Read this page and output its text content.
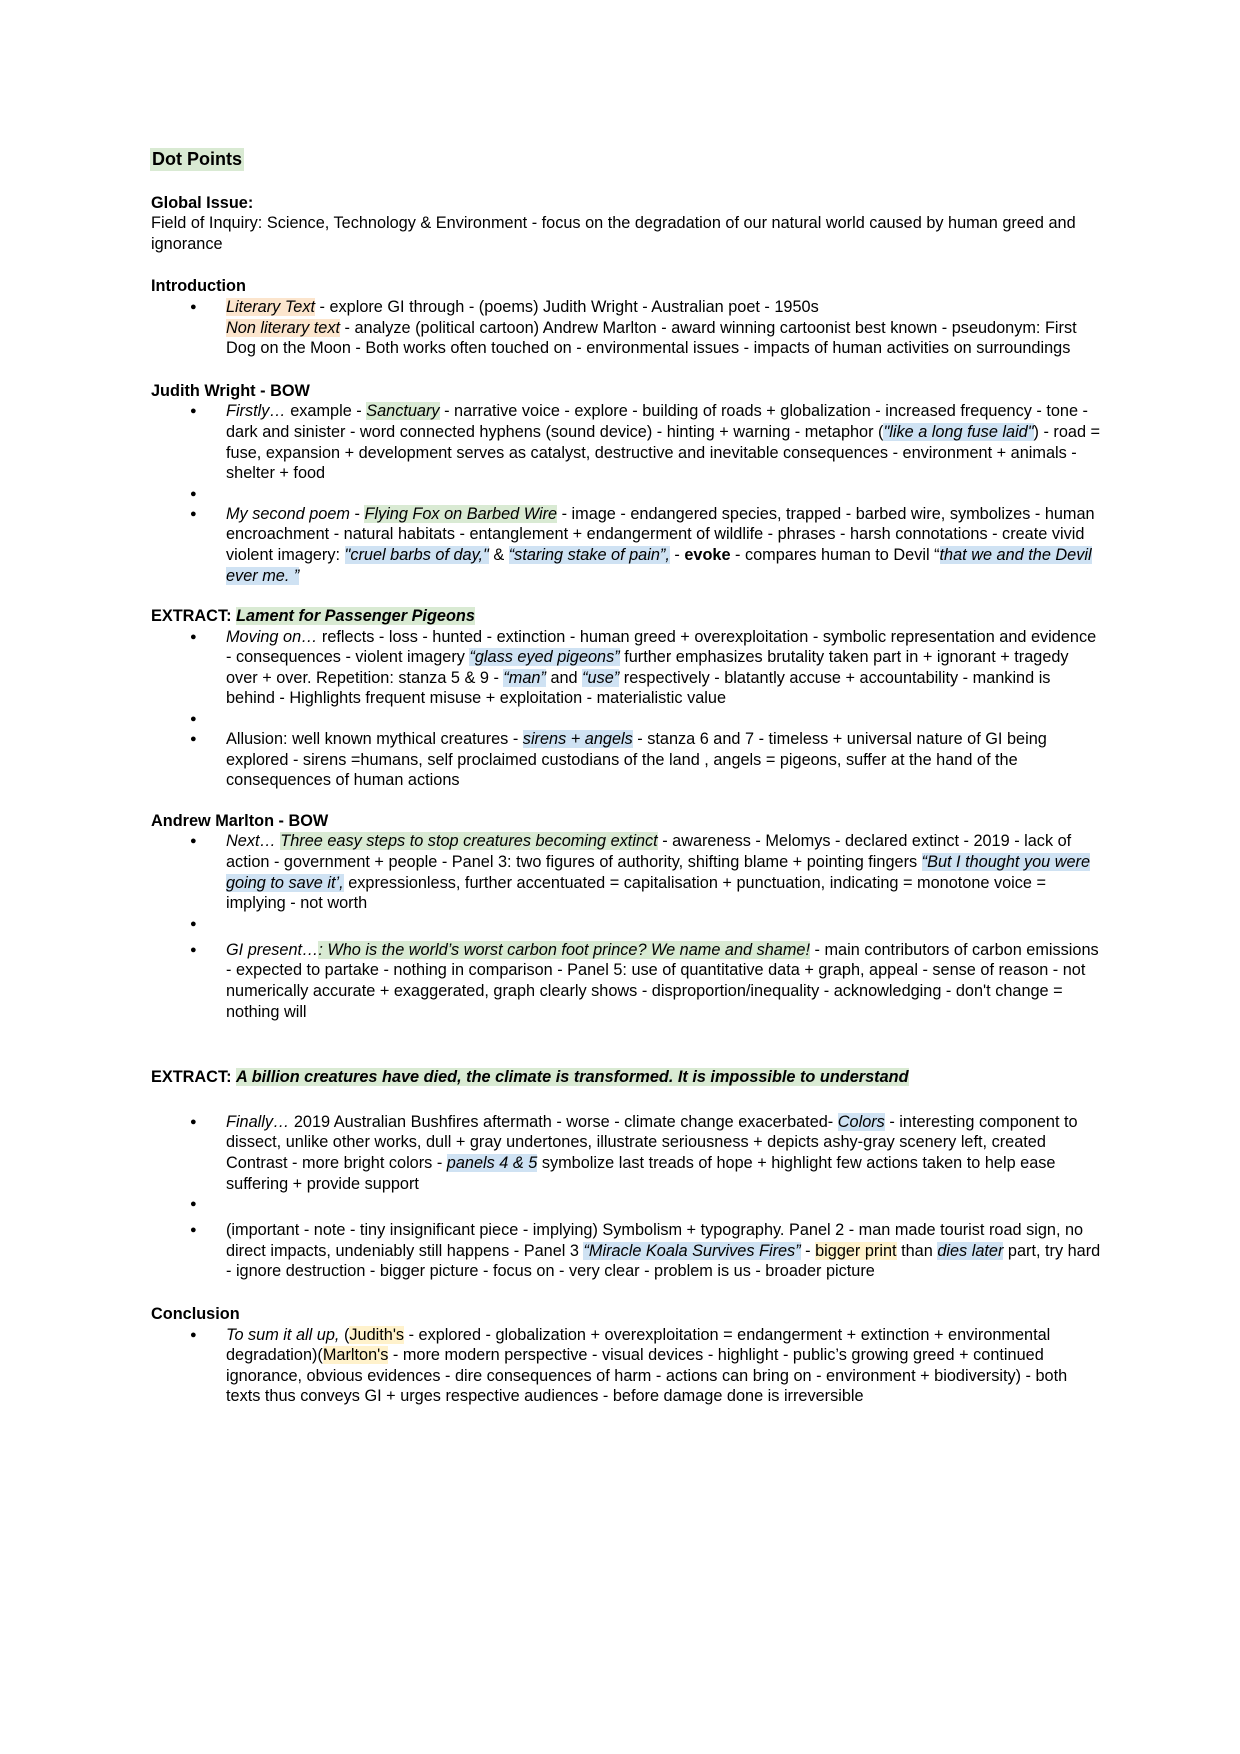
Dot Points
Global Issue:
Field of Inquiry: Science, Technology & Environment - focus on the degradation of our natural world caused by human greed and ignorance
Introduction
● Literary Text - explore GI through - (poems) Judith Wright - Australian poet - 1950s
Non literary text - analyze (political cartoon) Andrew Marlton - award winning cartoonist best known - pseudonym: First Dog on the Moon - Both works often touched on - environmental issues - impacts of human activities on surroundings
Judith Wright - BOW
● Firstly… example - Sanctuary - narrative voice - explore - building of roads + globalization - increased frequency - tone - dark and sinister - word connected hyphens (sound device) - hinting + warning - metaphor ("like a long fuse laid") - road = fuse, expansion + development serves as catalyst, destructive and inevitable consequences - environment + animals - shelter + food
●
● My second poem - Flying Fox on Barbed Wire - image - endangered species, trapped - barbed wire, symbolizes - human encroachment - natural habitats - entanglement + endangerment of wildlife - phrases - harsh connotations - create vivid violent imagery: "cruel barbs of day," & “staring stake of pain”, - evoke - compares human to Devil “that we and the Devil ever me. ”
EXTRACT: Lament for Passenger Pigeons
● Moving on… reflects - loss - hunted - extinction - human greed + overexploitation - symbolic representation and evidence - consequences - violent imagery “glass eyed pigeons” further emphasizes brutality taken part in + ignorant + tragedy over + over. Repetition: stanza 5 & 9 - “man” and “use” respectively - blatantly accuse + accountability - mankind is behind - Highlights frequent misuse + exploitation - materialistic value
●
● Allusion: well known mythical creatures - sirens + angels - stanza 6 and 7 - timeless + universal nature of GI being explored - sirens =humans, self proclaimed custodians of the land , angels = pigeons, suffer at the hand of the consequences of human actions
Andrew Marlton - BOW
● Next… Three easy steps to stop creatures becoming extinct - awareness - Melomys - declared extinct - 2019 - lack of action - government + people - Panel 3: two figures of authority, shifting blame + pointing fingers “But I thought you were going to save it’, expressionless, further accentuated = capitalisation + punctuation, indicating = monotone voice = implying - not worth
●
● GI present…: Who is the world’s worst carbon foot prince? We name and shame! - main contributors of carbon emissions - expected to partake - nothing in comparison - Panel 5: use of quantitative data + graph, appeal - sense of reason - not numerically accurate + exaggerated, graph clearly shows - disproportion/inequality - acknowledging - don't change = nothing will
EXTRACT: A billion creatures have died, the climate is transformed. It is impossible to understand
● Finally… 2019 Australian Bushfires aftermath - worse - climate change exacerbated- Colors - interesting component to dissect, unlike other works, dull + gray undertones, illustrate seriousness + depicts ashy-gray scenery left, created Contrast - more bright colors - panels 4 & 5 symbolize last treads of hope + highlight few actions taken to help ease suffering + provide support
●
● (important - note - tiny insignificant piece - implying) Symbolism + typography. Panel 2 - man made tourist road sign, no direct impacts, undeniably still happens - Panel 3 “Miracle Koala Survives Fires” - bigger print than dies later part, try hard - ignore destruction - bigger picture - focus on - very clear - problem is us - broader picture
Conclusion
● To sum it all up, (Judith's - explored - globalization + overexploitation = endangerment + extinction + environmental degradation)(Marlton's - more modern perspective - visual devices - highlight - public’s growing greed + continued ignorance, obvious evidences - dire consequences of harm - actions can bring on - environment + biodiversity) - both texts thus conveys GI + urges respective audiences - before damage done is irreversible
